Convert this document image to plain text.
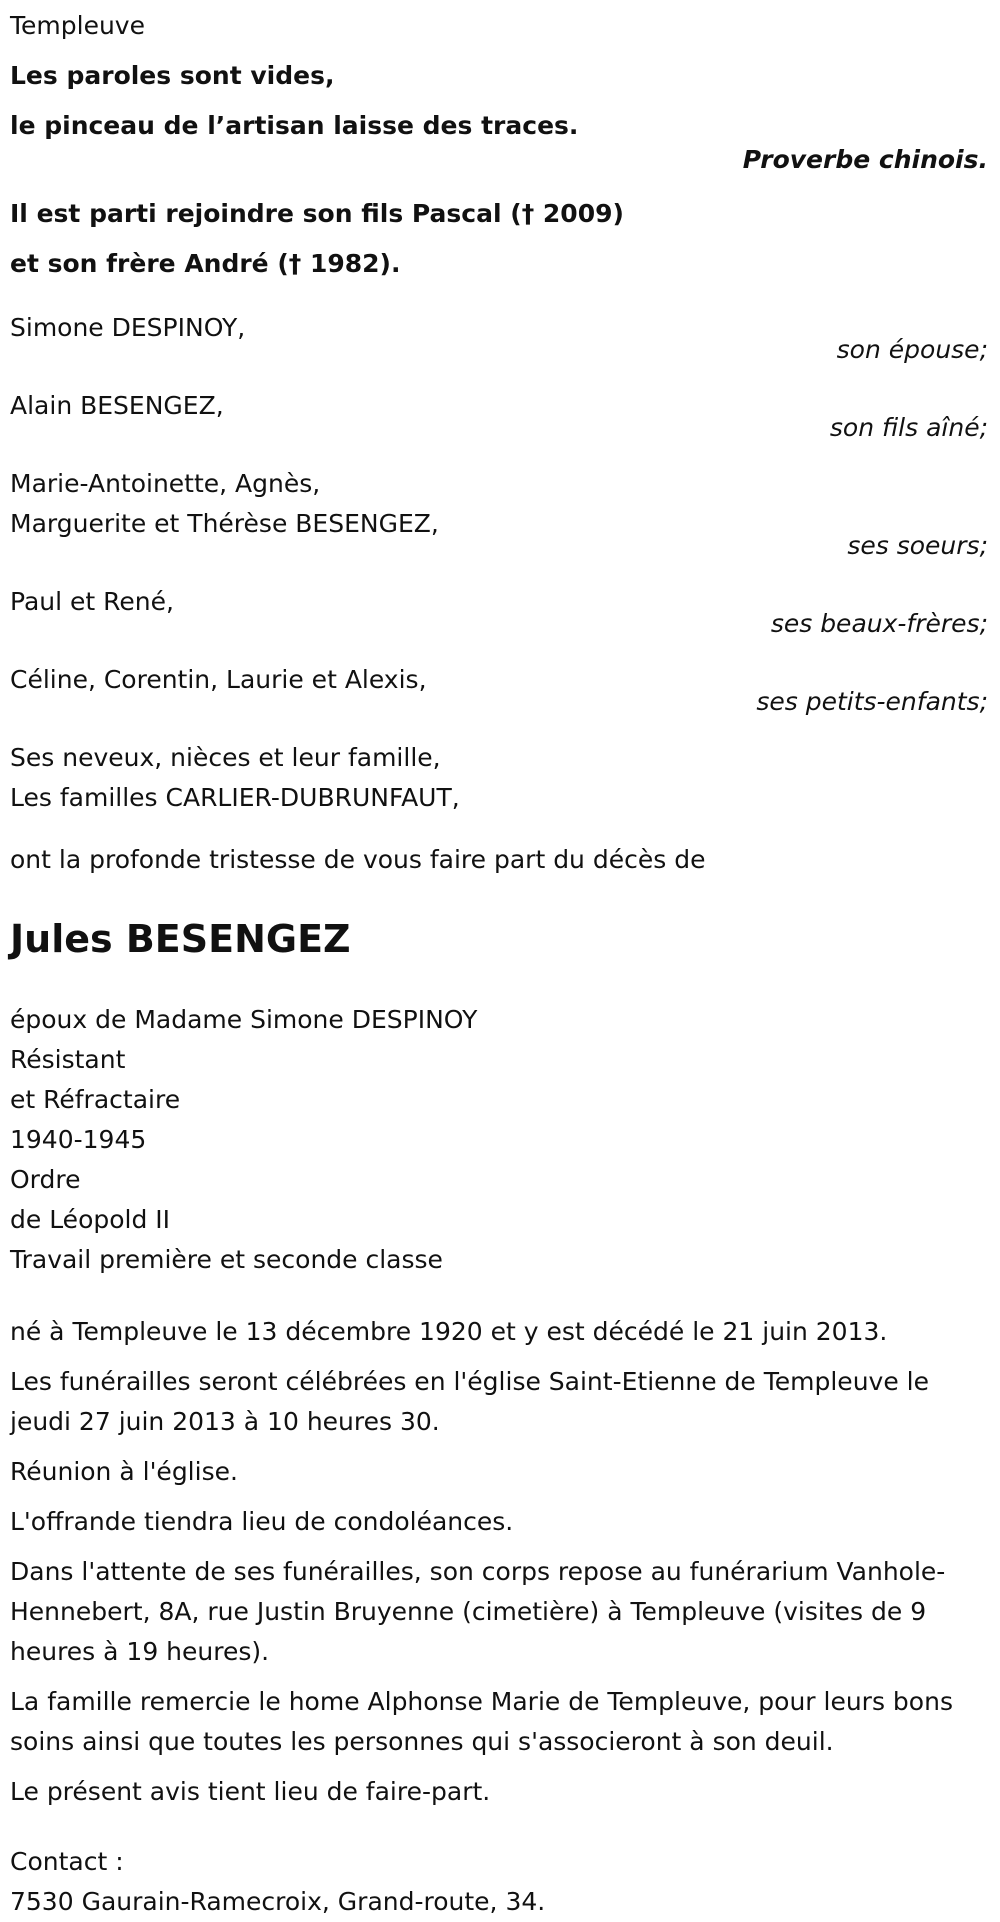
Templeuve

Les paroles sont vides,

le pinceau de l’artisan laisse des traces.

Proverbe chinois.

Il est parti rejoindre son fils Pascal († 2009)

et son frère André († 1982).

Simone DESPINOY,

son épouse;

Alain BESENGEZ,

son fils aîné;

Marie-Antoinette, Agnès,

Marguerite et Thérèse BESENGEZ,

ses soeurs;

Paul et René,

ses beaux-frères;

Céline, Corentin, Laurie et Alexis,

ses petits-enfants;

Ses neveux, nièces et leur famille,

Les familles CARLIER-DUBRUNFAUT,

ont la profonde tristesse de vous faire part du décès de

Jules BESENGEZ

époux de Madame Simone DESPINOY

Résistant

et Réfractaire

1940-1945

Ordre

de Léopold II

Travail première et seconde classe

né à Templeuve le 13 décembre 1920 et y est décédé le 21 juin 2013.

Les funérailles seront célébrées en l'église Saint-Etienne de Templeuve le jeudi 27 juin 2013 à 10 heures 30.

Réunion à l'église.

L'offrande tiendra lieu de condoléances.

Dans l'attente de ses funérailles, son corps repose au funérarium Vanhole-Hennebert, 8A, rue Justin Bruyenne (cimetière) à Templeuve (visites de 9 heures à 19 heures).

La famille remercie le home Alphonse Marie de Templeuve, pour leurs bons soins ainsi que toutes les personnes qui s'associeront à son deuil.

Le présent avis tient lieu de faire-part.

Contact :

7530 Gaurain-Ramecroix, Grand-route, 34.
